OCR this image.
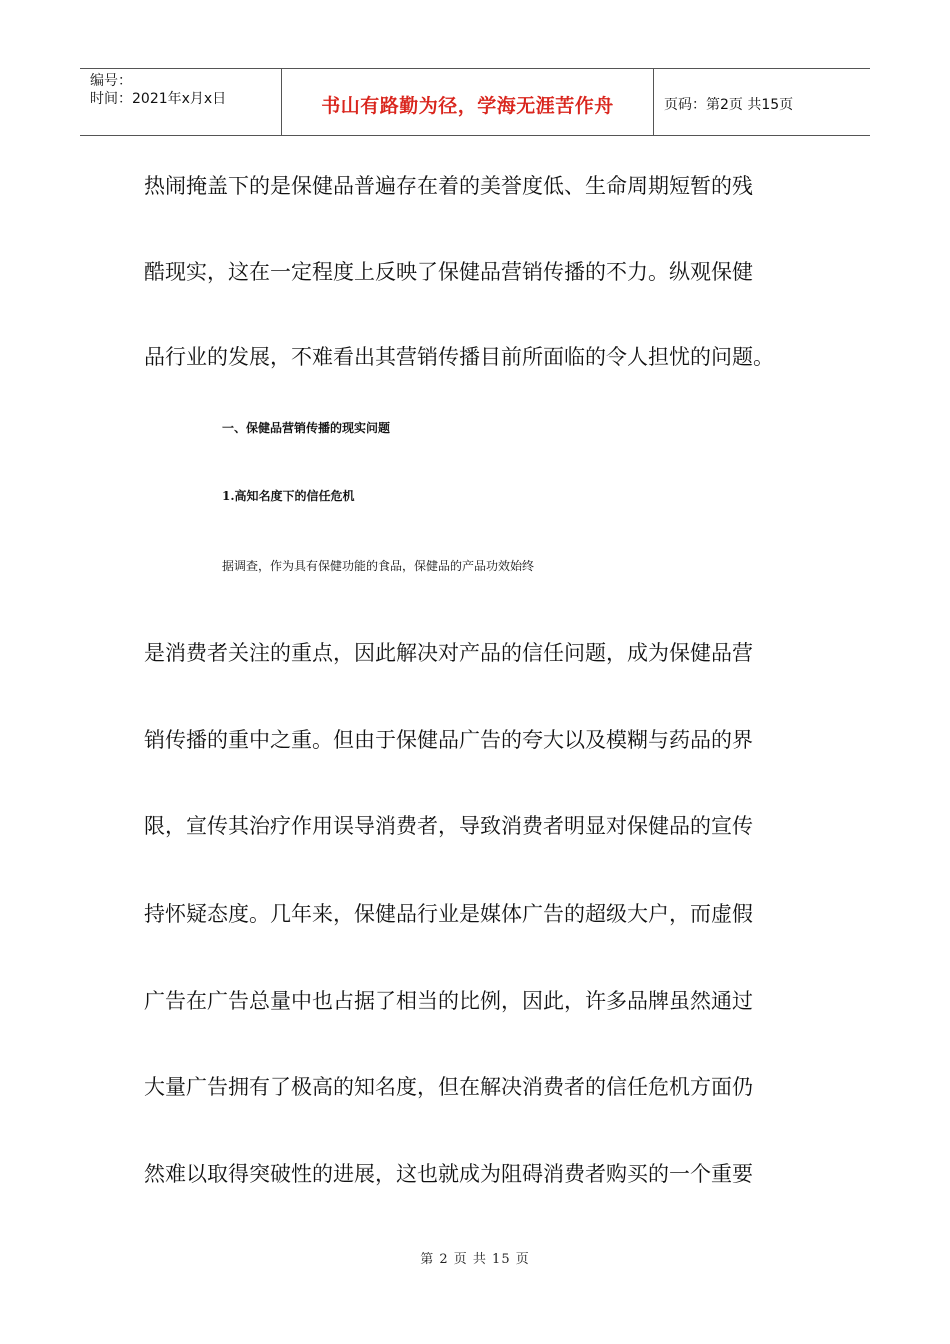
编号：
时间：2021年x月x日	书山有路勤为径，学海无涯苦作舟	页码：第2页 共15页
热闹掩盖下的是保健品普遍存在着的美誉度低、生命周期短暂的残
酷现实，这在一定程度上反映了保健品营销传播的不力。纵观保健
品行业的发展，不难看出其营销传播目前所面临的令人担忧的问题。
一、保健品营销传播的现实问题
1.高知名度下的信任危机
据调查，作为具有保健功能的食品，保健品的产品功效始终
是消费者关注的重点，因此解决对产品的信任问题，成为保健品营
销传播的重中之重。但由于保健品广告的夸大以及模糊与药品的界
限，宣传其治疗作用误导消费者，导致消费者明显对保健品的宣传
持怀疑态度。几年来，保健品行业是媒体广告的超级大户，而虚假
广告在广告总量中也占据了相当的比例，因此，许多品牌虽然通过
大量广告拥有了极高的知名度，但在解决消费者的信任危机方面仍
然难以取得突破性的进展，这也就成为阻碍消费者购买的一个重要
第 2 页 共 15 页
